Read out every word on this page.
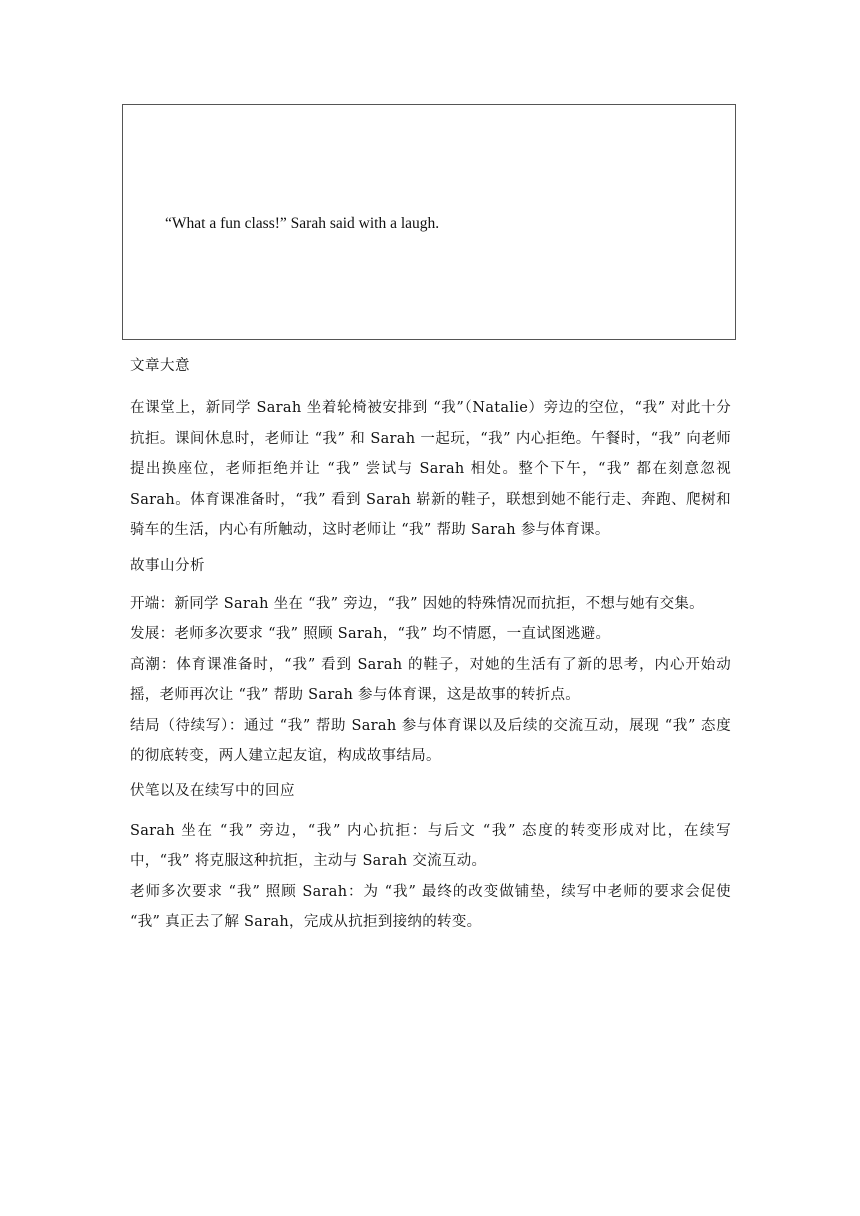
“What a fun class!” Sarah said with a laugh.

文章大意

在课堂上，新同学 Sarah 坐着轮椅被安排到 “我”（Natalie）旁边的空位，“我” 对此十分抗拒。课间休息时，老师让 “我” 和 Sarah 一起玩，“我” 内心拒绝。午餐时，“我” 向老师提出换座位，老师拒绝并让 “我” 尝试与 Sarah 相处。整个下午，“我” 都在刻意忽视 Sarah。体育课准备时，“我” 看到 Sarah 崭新的鞋子，联想到她不能行走、奔跑、爬树和骑车的生活，内心有所触动，这时老师让 “我” 帮助 Sarah 参与体育课。

故事山分析

开端：新同学 Sarah 坐在 “我” 旁边，“我” 因她的特殊情况而抗拒，不想与她有交集。

发展：老师多次要求 “我” 照顾 Sarah，“我” 均不情愿，一直试图逃避。

高潮：体育课准备时，“我” 看到 Sarah 的鞋子，对她的生活有了新的思考，内心开始动摇，老师再次让 “我” 帮助 Sarah 参与体育课，这是故事的转折点。

结局（待续写）：通过 “我” 帮助 Sarah 参与体育课以及后续的交流互动，展现 “我” 态度的彻底转变，两人建立起友谊，构成故事结局。

伏笔以及在续写中的回应

Sarah 坐在 “我” 旁边，“我” 内心抗拒：与后文 “我” 态度的转变形成对比，在续写中，“我” 将克服这种抗拒，主动与 Sarah 交流互动。

老师多次要求 “我” 照顾 Sarah：为 “我” 最终的改变做铺垫，续写中老师的要求会促使 “我” 真正去了解 Sarah，完成从抗拒到接纳的转变。
